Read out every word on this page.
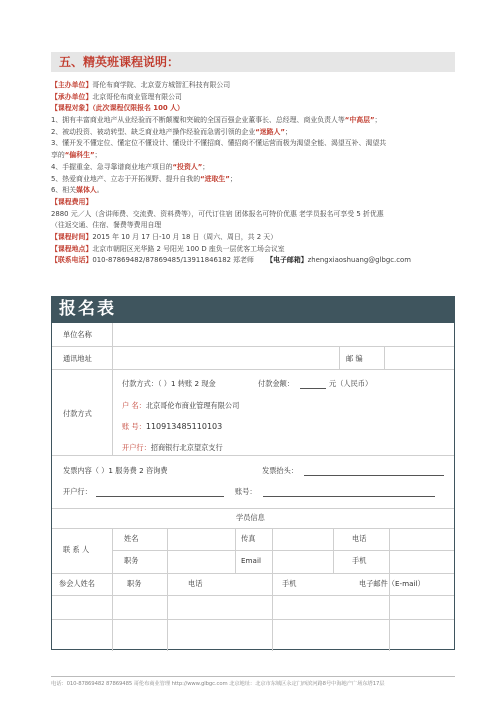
五、精英班课程说明：
【主办单位】哥伦布商学院、北京壹方城智汇科技有限公司
【承办单位】北京哥伦布商业管理有限公司
【课程对象】（此次课程仅限报名 100 人）
1、拥有丰富商业地产从业经验而不断颠覆和突破的全国百强企业董事长、总经理、商业负责人等“中高层”；
2、被动投资、被动转型、缺乏商业地产操作经验而急需引领的企业“迷路人”；
3、懂开发不懂定位、懂定位不懂设计、懂设计不懂招商、懂招商不懂运营而极为渴望全能、渴望互补、渴望共
享的“偏科生”；
4、手握重金、急寻靠谱商业地产项目的“投资人”；
5、热爱商业地产、立志于开拓视野、提升自我的“进取生”；
6、相关媒体人。
【课程费用】
2880 元／人（含讲师费、交流费、资料费等），可代订住宿 团体报名可特价优惠 老学员报名可享受 5 折优惠
（往返交通、住宿、餐费等费用自理
【课程时间】2015 年 10 月 17 日-10 月 18 日（周六、周日，共 2 天）
【课程地点】北京市朝阳区光华路 2 号阳光 100 D 座负一层优客工场会议室
【联系电话】010-87869482/87869485/13911846182 郑老师 【电子邮箱】zhengxiaoshuang@glbgc.com
报名表
单位名称
通讯地址	邮 编
付款方式
付款方式：（ ）1 转账 2 现金	付款金额：	元（人民币）
户 名：北京哥伦布商业管理有限公司
账 号：110913485110103
开户行：招商银行北京望京支行
发票内容（ ）1 服务费 2 咨询费	发票抬头：
开户行：	账号：
学员信息
联 系 人
姓名	传真	电话
职务	Email	手机
参会人姓名	职务	电话	手机	电子邮件（E-mail）
电话：010-87869482 87869485 哥伦布商业管理 http://www.glbgc.com 北京地址：北京市东城区永定门西滨河路8号中海地产广场东塔17层
